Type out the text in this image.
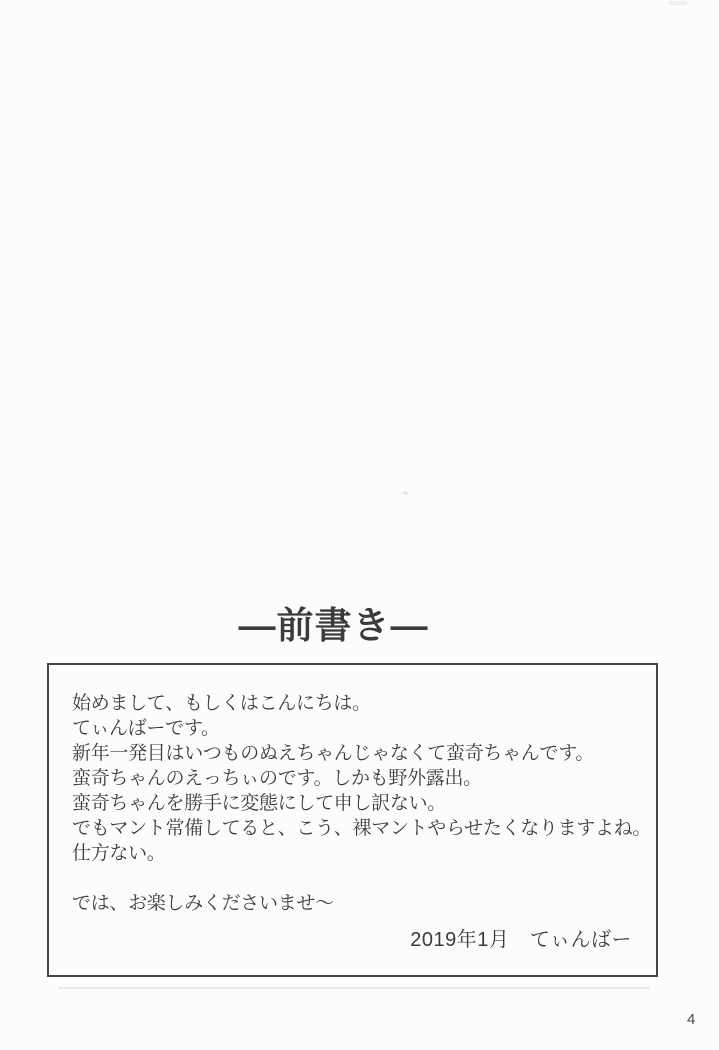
―前書き―
始めまして、もしくはこんにちは。
てぃんばーです。
新年一発目はいつものぬえちゃんじゃなくて蛮奇ちゃんです。
蛮奇ちゃんのえっちぃのです。しかも野外露出。
蛮奇ちゃんを勝手に変態にして申し訳ない。
でもマント常備してると、こう、裸マントやらせたくなりますよね。
仕方ない。
では、お楽しみくださいませ～
2019年1月　てぃんばー
4
